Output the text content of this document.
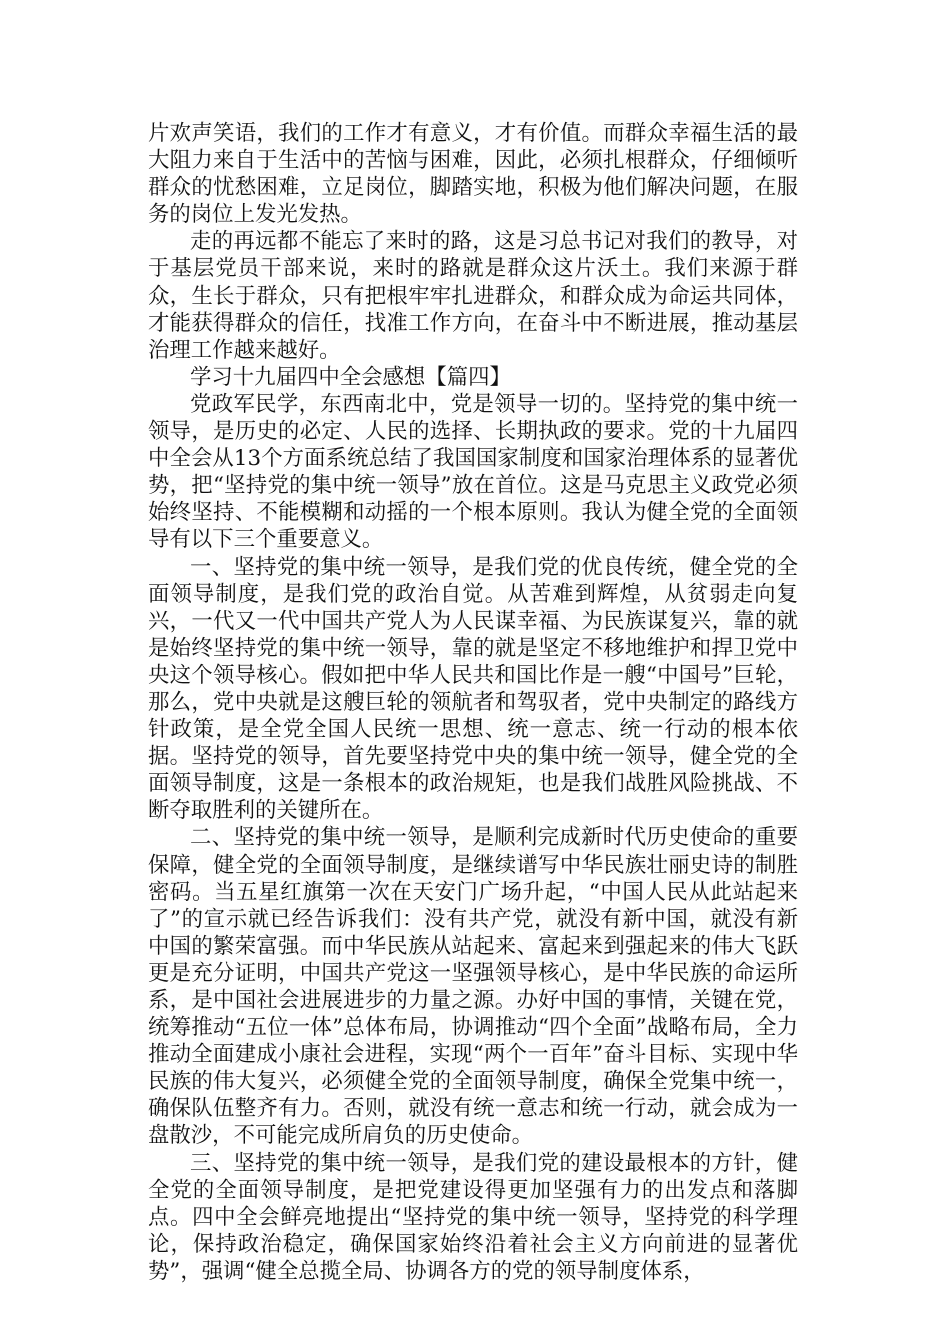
片欢声笑语，我们的工作才有意义，才有价值。而群众幸福生活的最大阻力来自于生活中的苦恼与困难，因此，必须扎根群众，仔细倾听群众的忧愁困难，立足岗位，脚踏实地，积极为他们解决问题，在服务的岗位上发光发热。

走的再远都不能忘了来时的路，这是习总书记对我们的教导，对于基层党员干部来说，来时的路就是群众这片沃土。我们来源于群众，生长于群众，只有把根牢牢扎进群众，和群众成为命运共同体，才能获得群众的信任，找准工作方向，在奋斗中不断进展，推动基层治理工作越来越好。

学习十九届四中全会感想【篇四】

党政军民学，东西南北中，党是领导一切的。坚持党的集中统一领导，是历史的必定、人民的选择、长期执政的要求。党的十九届四中全会从13个方面系统总结了我国国家制度和国家治理体系的显著优势，把“坚持党的集中统一领导”放在首位。这是马克思主义政党必须始终坚持、不能模糊和动摇的一个根本原则。我认为健全党的全面领导有以下三个重要意义。

一、坚持党的集中统一领导，是我们党的优良传统，健全党的全面领导制度，是我们党的政治自觉。从苦难到辉煌，从贫弱走向复兴，一代又一代中国共产党人为人民谋幸福、为民族谋复兴，靠的就是始终坚持党的集中统一领导，靠的就是坚定不移地维护和捍卫党中央这个领导核心。假如把中华人民共和国比作是一艘“中国号”巨轮，那么，党中央就是这艘巨轮的领航者和驾驭者，党中央制定的路线方针政策，是全党全国人民统一思想、统一意志、统一行动的根本依据。坚持党的领导，首先要坚持党中央的集中统一领导，健全党的全面领导制度，这是一条根本的政治规矩，也是我们战胜风险挑战、不断夺取胜利的关键所在。

二、坚持党的集中统一领导，是顺利完成新时代历史使命的重要保障，健全党的全面领导制度，是继续谱写中华民族壮丽史诗的制胜密码。当五星红旗第一次在天安门广场升起，“中国人民从此站起来了”的宣示就已经告诉我们：没有共产党，就没有新中国，就没有新中国的繁荣富强。而中华民族从站起来、富起来到强起来的伟大飞跃更是充分证明，中国共产党这一坚强领导核心，是中华民族的命运所系，是中国社会进展进步的力量之源。办好中国的事情，关键在党，统筹推动“五位一体”总体布局，协调推动“四个全面”战略布局，全力推动全面建成小康社会进程，实现“两个一百年”奋斗目标、实现中华民族的伟大复兴，必须健全党的全面领导制度，确保全党集中统一，确保队伍整齐有力。否则，就没有统一意志和统一行动，就会成为一盘散沙，不可能完成所肩负的历史使命。

三、坚持党的集中统一领导，是我们党的建设最根本的方针，健全党的全面领导制度，是把党建设得更加坚强有力的出发点和落脚点。四中全会鲜亮地提出“坚持党的集中统一领导，坚持党的科学理论，保持政治稳定，确保国家始终沿着社会主义方向前进的显著优势”，强调“健全总揽全局、协调各方的党的领导制度体系，
